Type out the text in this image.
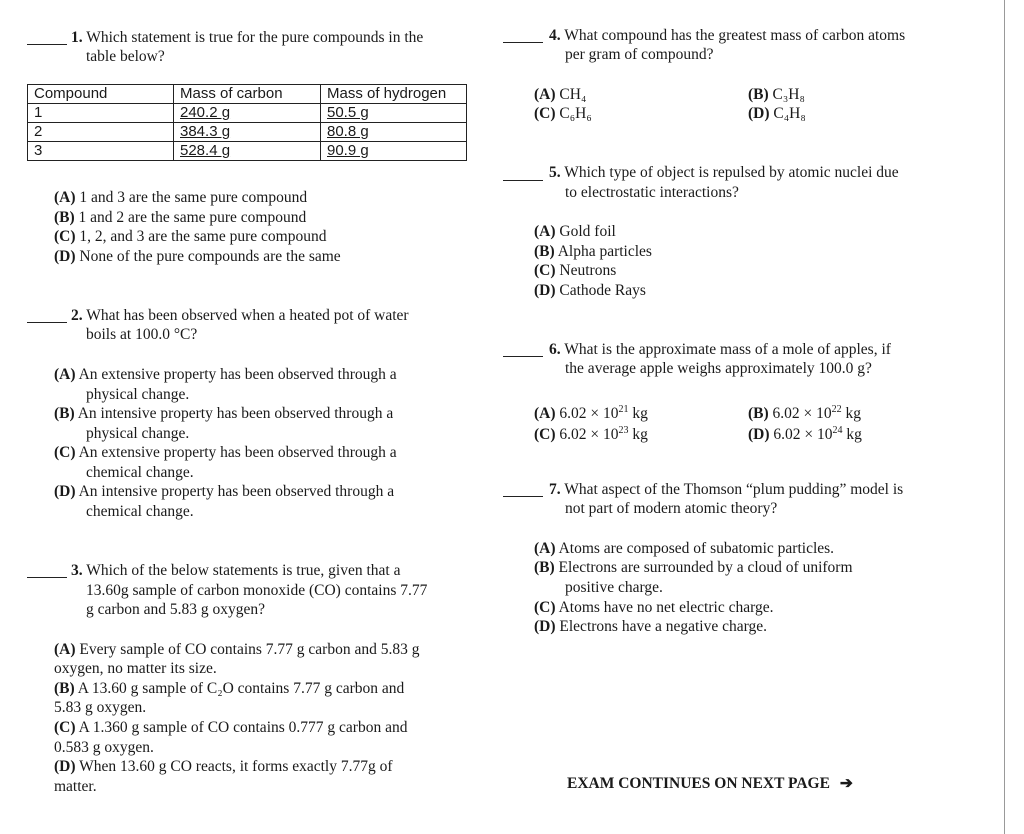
1. Which statement is true for the pure compounds in the
table below?
Compound	Mass of carbon	Mass of hydrogen
1	240.2 g	50.5 g
2	384.3 g	80.8 g
3	528.4 g	90.9 g
(A) 1 and 3 are the same pure compound
(B) 1 and 2 are the same pure compound
(C) 1, 2, and 3 are the same pure compound
(D) None of the pure compounds are the same
2. What has been observed when a heated pot of water
boils at 100.0 °C?
(A) An extensive property has been observed through a
physical change.
(B) An intensive property has been observed through a
physical change.
(C) An extensive property has been observed through a
chemical change.
(D) An intensive property has been observed through a
chemical change.
3. Which of the below statements is true, given that a
13.60g sample of carbon monoxide (CO) contains 7.77
g carbon and 5.83 g oxygen?
(A) Every sample of CO contains 7.77 g carbon and 5.83 g
oxygen, no matter its size.
(B) A 13.60 g sample of C₂O contains 7.77 g carbon and
5.83 g oxygen.
(C) A 1.360 g sample of CO contains 0.777 g carbon and
0.583 g oxygen.
(D) When 13.60 g CO reacts, it forms exactly 7.77g of
matter.
4. What compound has the greatest mass of carbon atoms
per gram of compound?
(A) CH₄	(B) C₃H₈
(C) C₆H₆	(D) C₄H₈
5. Which type of object is repulsed by atomic nuclei due
to electrostatic interactions?
(A) Gold foil
(B) Alpha particles
(C) Neutrons
(D) Cathode Rays
6. What is the approximate mass of a mole of apples, if
the average apple weighs approximately 100.0 g?
(A) $6.02 \times 10^{21}$ kg	(B) $6.02 \times 10^{22}$ kg
(C) $6.02 \times 10^{23}$ kg	(D) $6.02 \times 10^{24}$ kg
7. What aspect of the Thomson “plum pudding” model is
not part of modern atomic theory?
(A) Atoms are composed of subatomic particles.
(B) Electrons are surrounded by a cloud of uniform
positive charge.
(C) Atoms have no net electric charge.
(D) Electrons have a negative charge.
EXAM CONTINUES ON NEXT PAGE ➔
